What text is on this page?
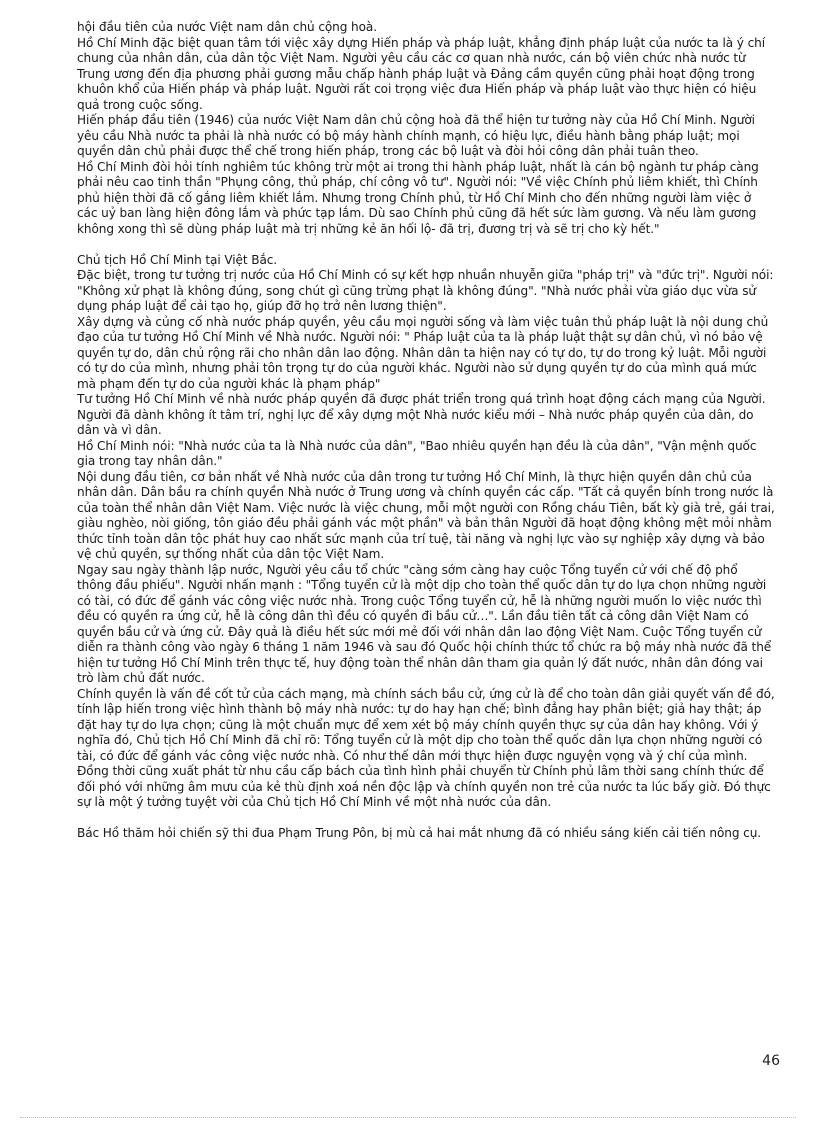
hội đầu tiên của nước Việt nam dân chủ cộng hoà.

Hồ Chí Minh đặc biệt quan tâm tới việc xây dựng Hiến pháp và pháp luật, khẳng định pháp luật của nước ta là ý chí chung của nhân dân, của dân tộc Việt Nam. Người yêu cầu các cơ quan nhà nước, cán bộ viên chức nhà nước từ Trung ương đến địa phương phải gương mẫu chấp hành pháp luật và Đảng cầm quyền cũng phải hoạt động trong khuôn khổ của Hiến pháp và pháp luật. Người rất coi trọng việc đưa Hiến pháp và pháp luật vào thực hiện có hiệu quả trong cuộc sống.

Hiến pháp đầu tiên (1946) của nước Việt Nam dân chủ cộng hoà đã thể hiện tư tưởng này của Hồ Chí Minh. Người yêu cầu Nhà nước ta phải là nhà nước có bộ máy hành chính mạnh, có hiệu lực, điều hành bằng pháp luật; mọi quyền dân chủ phải được thể chế trong hiến pháp, trong các bộ luật và đòi hỏi công dân phải tuân theo.

Hồ Chí Minh đòi hỏi tính nghiêm túc không trừ một ai trong thi hành pháp luật, nhất là cán bộ ngành tư pháp càng phải nêu cao tinh thần "Phụng công, thủ pháp, chí công vô tư". Người nói: "Về việc Chính phủ liêm khiết, thì Chính phủ hiện thời đã cố gắng liêm khiết lắm. Nhưng trong Chính phủ, từ Hồ Chí Minh cho đến những người làm việc ở các uỷ ban làng hiện đông lắm và phức tạp lắm. Dù sao Chính phủ cũng đã hết sức làm gương. Và nếu làm gương không xong thì sẽ dùng pháp luật mà trị những kẻ ăn hối lộ- đã trị, đương trị và sẽ trị cho kỳ hết."

Chủ tịch Hồ Chí Minh tại Việt Bắc.

Đặc biệt, trong tư tưởng trị nước của Hồ Chí Minh có sự kết hợp nhuần nhuyễn giữa "pháp trị" và "đức trị". Người nói: "Không xử phạt là không đúng, song chút gì cũng trừng phạt là không đúng". "Nhà nước phải vừa giáo dục vừa sử dụng pháp luật để cải tạo họ, giúp đỡ họ trở nên lương thiện".

Xây dựng và củng cố nhà nước pháp quyền, yêu cầu mọi người sống và làm việc tuân thủ pháp luật là nội dung chủ đạo của tư tưởng Hồ Chí Minh về Nhà nước. Người nói: " Pháp luật của ta là pháp luật thật sự dân chủ, vì nó bảo vệ quyền tự do, dân chủ rộng rãi cho nhân dân lao động. Nhân dân ta hiện nay có tự do, tự do trong kỷ luật. Mỗi người có tự do của mình, nhưng phải tôn trọng tự do của người khác. Người nào sử dụng quyền tự do của mình quá mức mà phạm đến tự do của người khác là phạm pháp"

Tư tưởng Hồ Chí Minh về nhà nước pháp quyền đã được phát triển trong quá trình hoạt động cách mạng của Người. Người đã dành không ít tâm trí, nghị lực để xây dựng một Nhà nước kiểu mới – Nhà nước pháp quyền của dân, do dân và vì dân.

Hồ Chí Minh nói: "Nhà nước của ta là Nhà nước của dân", "Bao nhiêu quyền hạn đều là của dân", "Vận mệnh quốc gia trong tay nhân dân."

Nội dung đầu tiên, cơ bản nhất về Nhà nước của dân trong tư tưởng Hồ Chí Minh, là thực hiện quyền dân chủ của nhân dân. Dân bầu ra chính quyền Nhà nước ở Trung ương và chính quyền các cấp. "Tất cả quyền bính trong nước là của toàn thể nhân dân Việt Nam. Việc nước là việc chung, mỗi một người con Rồng cháu Tiên, bất kỳ già trẻ, gái trai, giàu nghèo, nòi giống, tôn giáo đều phải gánh vác một phần" và bản thân Người đã hoạt động không mệt mỏi nhằm thức tỉnh toàn dân tộc phát huy cao nhất sức mạnh của trí tuệ, tài năng và nghị lực vào sự nghiệp xây dựng và bảo vệ chủ quyền, sự thống nhất của dân tộc Việt Nam.

Ngay sau ngày thành lập nước, Người yêu cầu tổ chức "càng sớm càng hay cuộc Tổng tuyển cử với chế độ phổ thông đầu phiếu". Người nhấn mạnh : "Tổng tuyển cử là một dịp cho toàn thể quốc dân tự do lựa chọn những người có tài, có đức để gánh vác công việc nước nhà. Trong cuộc Tổng tuyển cử, hễ là những người muốn lo việc nước thì đều có quyền ra ứng cử, hễ là công dân thì đều có quyền đi bầu cử…". Lần đầu tiên tất cả công dân Việt Nam có quyền bầu cử và ứng cử. Đây quả là điều hết sức mới mẻ đối với nhân dân lao động Việt Nam. Cuộc Tổng tuyển cử diễn ra thành công vào ngày 6 tháng 1 năm 1946 và sau đó Quốc hội chính thức tổ chức ra bộ máy nhà nước đã thể hiện tư tưởng Hồ Chí Minh trên thực tế, huy động toàn thể nhân dân tham gia quản lý đất nước, nhân dân đóng vai trò làm chủ đất nước.

Chính quyền là vấn đề cốt tử của cách mạng, mà chính sách bầu cử, ứng cử là để cho toàn dân giải quyết vấn đề đó, tính lập hiến trong việc hình thành bộ máy nhà nước: tự do hay hạn chế; bình đẳng hay phân biệt; giả hay thật; áp đặt hay tự do lựa chọn; cũng là một chuẩn mực để xem xét bộ máy chính quyền thực sự của dân hay không. Với ý nghĩa đó, Chủ tịch Hồ Chí Minh đã chỉ rõ: Tổng tuyển cử là một dịp cho toàn thể quốc dân lựa chọn những người có tài, có đức để gánh vác công việc nước nhà. Có như thế dân mới thực hiện được nguyện vọng và ý chí của mình. Đồng thời cũng xuất phát từ nhu cầu cấp bách của tình hình phải chuyển từ Chính phủ lâm thời sang chính thức để đối phó với những âm mưu của kẻ thù định xoá nền độc lập và chính quyền non trẻ của nước ta lúc bấy giờ. Đó thực sự là một ý tưởng tuyệt vời của Chủ tịch Hồ Chí Minh về một nhà nước của dân.

Bác Hồ thăm hỏi chiến sỹ thi đua Phạm Trung Pôn, bị mù cả hai mắt nhưng đã có nhiều sáng kiến cải tiến nông cụ.

46
